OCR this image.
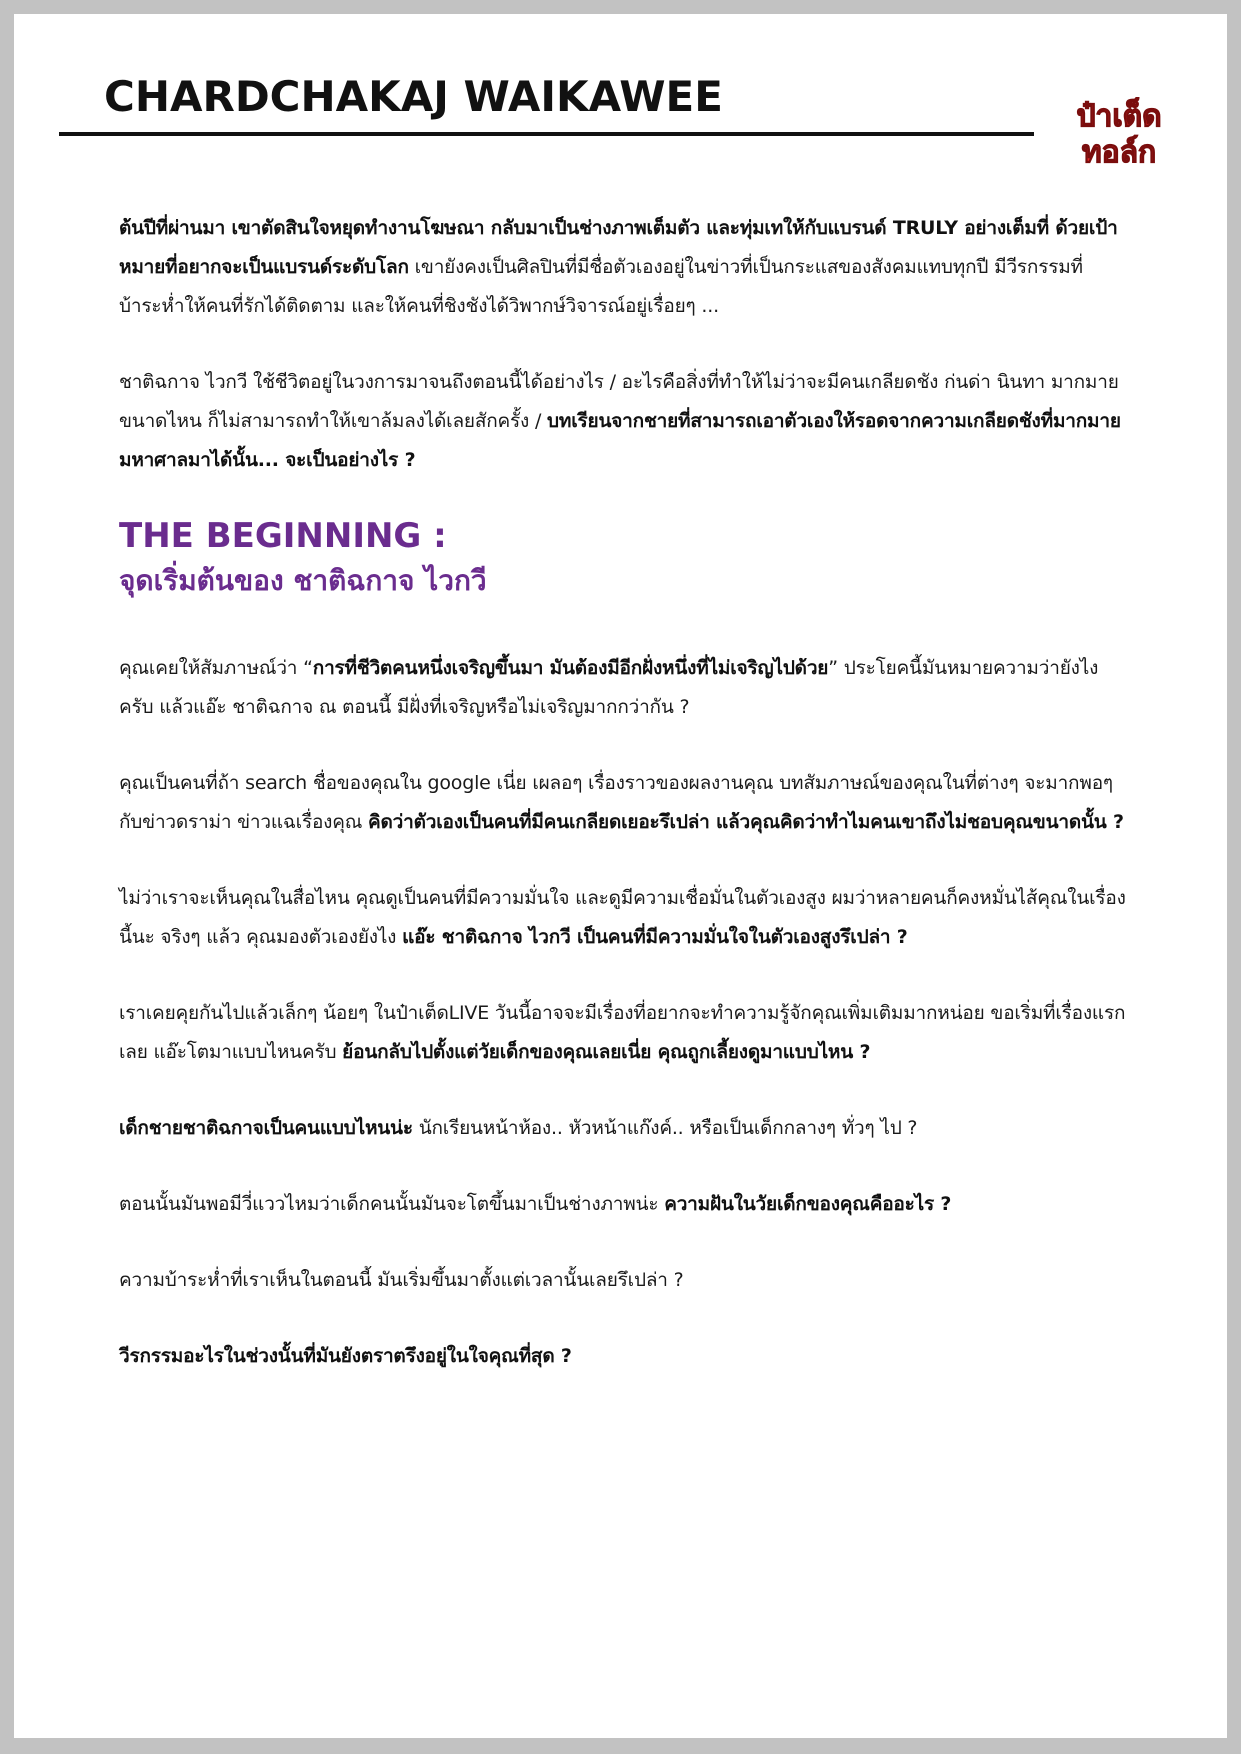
CHARDCHAKAJ WAIKAWEE	ป๋าเต็ด
ทอล์ก

ต้นปีที่ผ่านมา เขาตัดสินใจหยุดทำงานโฆษณา กลับมาเป็นช่างภาพเต็มตัว และทุ่มเทให้กับแบรนด์ TRULY อย่างเต็มที่ ด้วยเป้าหมายที่อยากจะเป็นแบรนด์ระดับโลก เขายังคงเป็นศิลปินที่มีชื่อตัวเองอยู่ในข่าวที่เป็นกระแสของสังคมแทบทุกปี มีวีรกรรมที่บ้าระห่ำให้คนที่รักได้ติดตาม และให้คนที่ชิงชังได้วิพากษ์วิจารณ์อยู่เรื่อยๆ ...

ชาติฉกาจ ไวกวี ใช้ชีวิตอยู่ในวงการมาจนถึงตอนนี้ได้อย่างไร / อะไรคือสิ่งที่ทำให้ไม่ว่าจะมีคนเกลียดชัง ก่นด่า นินทา มากมายขนาดไหน ก็ไม่สามารถทำให้เขาล้มลงได้เลยสักครั้ง / บทเรียนจากชายที่สามารถเอาตัวเองให้รอดจากความเกลียดชังที่มากมายมหาศาลมาได้นั้น... จะเป็นอย่างไร ?

THE BEGINNING :
จุดเริ่มต้นของ ชาติฉกาจ ไวกวี

คุณเคยให้สัมภาษณ์ว่า “การที่ชีวิตคนหนึ่งเจริญขึ้นมา มันต้องมีอีกฝั่งหนึ่งที่ไม่เจริญไปด้วย” ประโยคนี้มันหมายความว่ายังไงครับ แล้วแอ๊ะ ชาติฉกาจ ณ ตอนนี้ มีฝั่งที่เจริญหรือไม่เจริญมากกว่ากัน ?

คุณเป็นคนที่ถ้า search ชื่อของคุณใน google เนี่ย เผลอๆ เรื่องราวของผลงานคุณ บทสัมภาษณ์ของคุณในที่ต่างๆ จะมากพอๆ กับข่าวดราม่า ข่าวแฉเรื่องคุณ คิดว่าตัวเองเป็นคนที่มีคนเกลียดเยอะรึเปล่า แล้วคุณคิดว่าทำไมคนเขาถึงไม่ชอบคุณขนาดนั้น ?

ไม่ว่าเราจะเห็นคุณในสื่อไหน คุณดูเป็นคนที่มีความมั่นใจ และดูมีความเชื่อมั่นในตัวเองสูง ผมว่าหลายคนก็คงหมั่นไส้คุณในเรื่องนี้นะ จริงๆ แล้ว คุณมองตัวเองยังไง แอ๊ะ ชาติฉกาจ ไวกวี เป็นคนที่มีความมั่นใจในตัวเองสูงรึเปล่า ?

เราเคยคุยกันไปแล้วเล็กๆ น้อยๆ ในป๋าเต็ดLIVE วันนี้อาจจะมีเรื่องที่อยากจะทำความรู้จักคุณเพิ่มเติมมากหน่อย ขอเริ่มที่เรื่องแรกเลย แอ๊ะโตมาแบบไหนครับ ย้อนกลับไปตั้งแต่วัยเด็กของคุณเลยเนี่ย คุณถูกเลี้ยงดูมาแบบไหน ?

เด็กชายชาติฉกาจเป็นคนแบบไหนน่ะ นักเรียนหน้าห้อง.. หัวหน้าแก๊งค์.. หรือเป็นเด็กกลางๆ ทั่วๆ ไป ?

ตอนนั้นมันพอมีวี่แววไหมว่าเด็กคนนั้นมันจะโตขึ้นมาเป็นช่างภาพน่ะ ความฝันในวัยเด็กของคุณคืออะไร ?

ความบ้าระห่ำที่เราเห็นในตอนนี้ มันเริ่มขึ้นมาตั้งแต่เวลานั้นเลยรึเปล่า ?

วีรกรรมอะไรในช่วงนั้นที่มันยังตราตรึงอยู่ในใจคุณที่สุด ?
